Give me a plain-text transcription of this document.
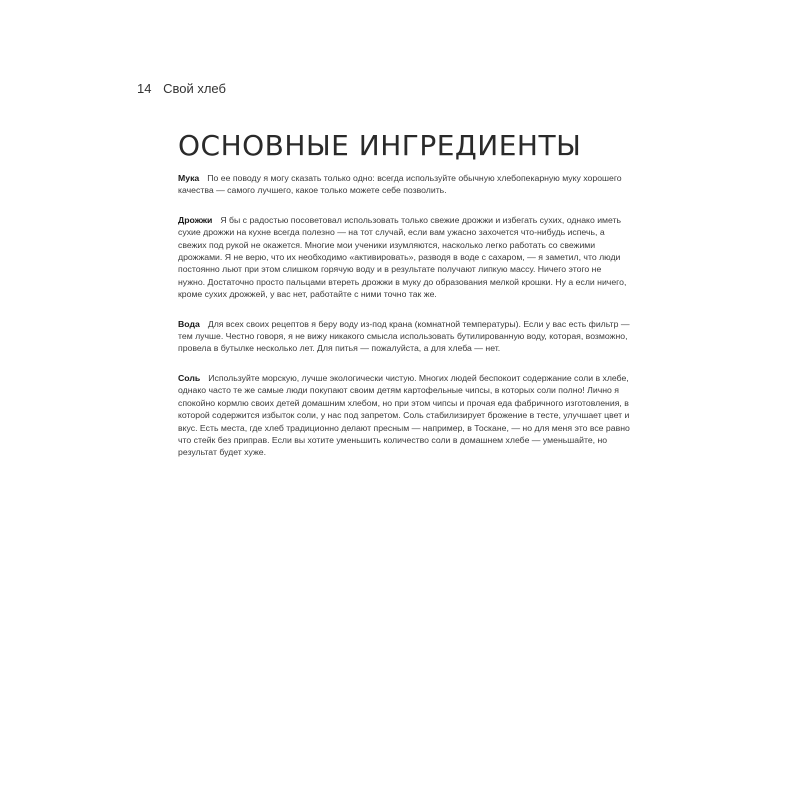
14 Свой хлеб
ОСНОВНЫЕ ИНГРЕДИЕНТЫ

Мука По ее поводу я могу сказать только одно: всегда используйте обычную хлебопекарную муку хорошего качества — самого лучшего, какое только можете себе позволить.

Дрожжи Я бы с радостью посоветовал использовать только свежие дрожжи и избегать сухих, однако иметь сухие дрожжи на кухне всегда полезно — на тот случай, если вам ужасно захочется что-нибудь испечь, а свежих под рукой не окажется. Многие мои ученики изумляются, насколько легко работать со свежими дрожжами. Я не верю, что их необходимо «активировать», разводя в воде с сахаром, — я заметил, что люди постоянно льют при этом слишком горячую воду и в результате получают липкую массу. Ничего этого не нужно. Достаточно просто пальцами втереть дрожжи в муку до образования мелкой крошки. Ну а если ничего, кроме сухих дрожжей, у вас нет, работайте с ними точно так же.

Вода Для всех своих рецептов я беру воду из-под крана (комнатной температуры). Если у вас есть фильтр — тем лучше. Честно говоря, я не вижу никакого смысла использовать бутилированную воду, которая, возможно, провела в бутылке несколько лет. Для питья — пожалуйста, а для хлеба — нет.

Соль Используйте морскую, лучше экологически чистую. Многих людей беспокоит содержание соли в хлебе, однако часто те же самые люди покупают своим детям картофельные чипсы, в которых соли полно! Лично я спокойно кормлю своих детей домашним хлебом, но при этом чипсы и прочая еда фабричного изготовления, в которой содержится избыток соли, у нас под запретом. Соль стабилизирует брожение в тесте, улучшает цвет и вкус. Есть места, где хлеб традиционно делают пресным — например, в Тоскане, — но для меня это все равно что стейк без приправ. Если вы хотите уменьшить количество соли в домашнем хлебе — уменьшайте, но результат будет хуже.
